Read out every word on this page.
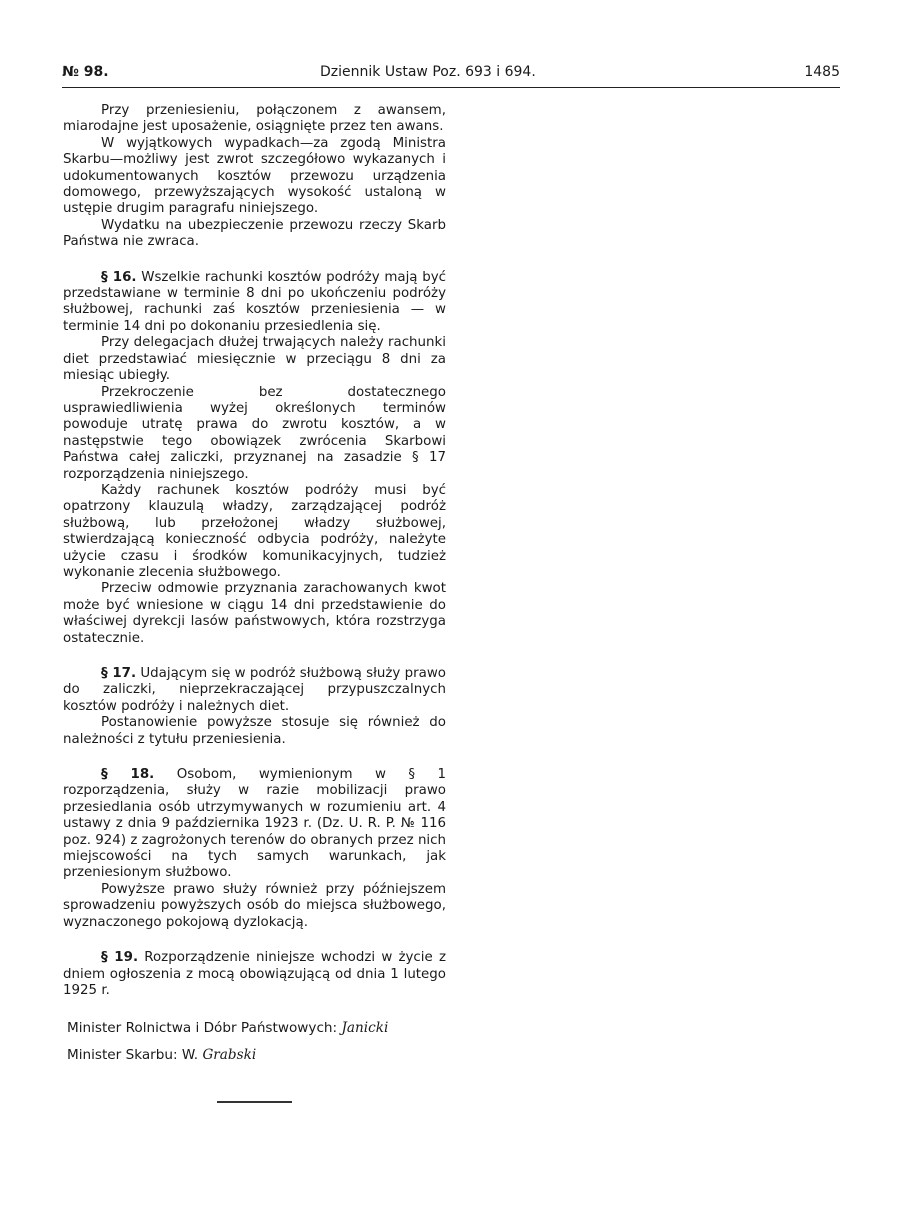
№ 98.	Dziennik Ustaw Poz. 693 i 694.	1485

Przy przeniesieniu, połączonem z awansem, miarodajne jest uposażenie, osiągnięte przez ten awans.

W wyjątkowych wypadkach—za zgodą Ministra Skarbu—możliwy jest zwrot szczegółowo wykazanych i udokumentowanych kosztów przewozu urządzenia domowego, przewyższających wysokość ustaloną w ustępie drugim paragrafu niniejszego.

Wydatku na ubezpieczenie przewozu rzeczy Skarb Państwa nie zwraca.

§ 16. Wszelkie rachunki kosztów podróży mają być przedstawiane w terminie 8 dni po ukończeniu podróży służbowej, rachunki zaś kosztów przeniesienia — w terminie 14 dni po dokonaniu przesiedlenia się.

Przy delegacjach dłużej trwających należy rachunki diet przedstawiać miesięcznie w przeciągu 8 dni za miesiąc ubiegły.

Przekroczenie bez dostatecznego usprawiedliwienia wyżej określonych terminów powoduje utratę prawa do zwrotu kosztów, a w następstwie tego obowiązek zwrócenia Skarbowi Państwa całej zaliczki, przyznanej na zasadzie § 17 rozporządzenia niniejszego.

Każdy rachunek kosztów podróży musi być opatrzony klauzulą władzy, zarządzającej podróż służbową, lub przełożonej władzy służbowej, stwierdzającą konieczność odbycia podróży, należyte użycie czasu i środków komunikacyjnych, tudzież wykonanie zlecenia służbowego.

Przeciw odmowie przyznania zarachowanych kwot może być wniesione w ciągu 14 dni przedstawienie do właściwej dyrekcji lasów państwowych, która rozstrzyga ostatecznie.

§ 17. Udającym się w podróż służbową służy prawo do zaliczki, nieprzekraczającej przypuszczalnych kosztów podróży i należnych diet.

Postanowienie powyższe stosuje się również do należności z tytułu przeniesienia.

§ 18. Osobom, wymienionym w § 1 rozporządzenia, służy w razie mobilizacji prawo przesiedlania osób utrzymywanych w rozumieniu art. 4 ustawy z dnia 9 października 1923 r. (Dz. U. R. P. № 116 poz. 924) z zagrożonych terenów do obranych przez nich miejscowości na tych samych warunkach, jak przeniesionym służbowo.

Powyższe prawo służy również przy późniejszem sprowadzeniu powyższych osób do miejsca służbowego, wyznaczonego pokojową dyzlokacją.

§ 19. Rozporządzenie niniejsze wchodzi w życie z dniem ogłoszenia z mocą obowiązującą od dnia 1 lutego 1925 r.

Minister Rolnictwa i Dóbr Państwowych: Janicki
Minister Skarbu: W. Grabski
